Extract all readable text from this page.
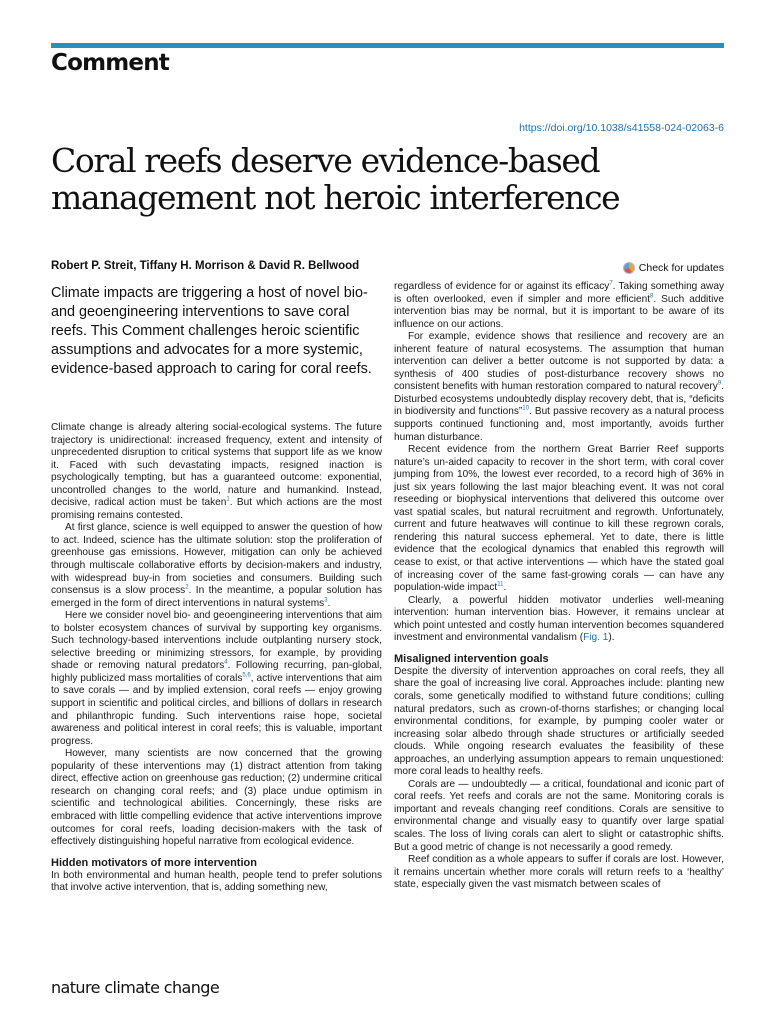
Comment
https://doi.org/10.1038/s41558-024-02063-6
Coral reefs deserve evidence-based management not heroic interference
Robert P. Streit, Tiffany H. Morrison & David R. Bellwood	Check for updates
Climate impacts are triggering a host of novel bio- and geoengineering interventions to save coral reefs. This Comment challenges heroic scientific assumptions and advocates for a more systemic, evidence-based approach to caring for coral reefs.

Climate change is already altering social-ecological systems. The future trajectory is unidirectional: increased frequency, extent and intensity of unprecedented disruption to critical systems that support life as we know it. Faced with such devastating impacts, resigned inaction is psychologically tempting, but has a guaranteed outcome: exponential, uncontrolled changes to the world, nature and humankind. Instead, decisive, radical action must be taken$^1$. But which actions are the most promising remains contested.

At first glance, science is well equipped to answer the question of how to act. Indeed, science has the ultimate solution: stop the proliferation of greenhouse gas emissions. However, mitigation can only be achieved through multiscale collaborative efforts by decision-makers and industry, with widespread buy-in from societies and consumers. Building such consensus is a slow process$^2$. In the meantime, a popular solution has emerged in the form of direct interventions in natural systems$^3$.

Here we consider novel bio- and geoengineering interventions that aim to bolster ecosystem chances of survival by supporting key organisms. Such technology-based interventions include outplanting nursery stock, selective breeding or minimizing stressors, for example, by providing shade or removing natural predators$^4$. Following recurring, pan-global, highly publicized mass mortalities of corals$^{5,6}$, active interventions that aim to save corals — and by implied extension, coral reefs — enjoy growing support in scientific and political circles, and billions of dollars in research and philanthropic funding. Such interventions raise hope, societal awareness and political interest in coral reefs; this is valuable, important progress.

However, many scientists are now concerned that the growing popularity of these interventions may (1) distract attention from taking direct, effective action on greenhouse gas reduction; (2) undermine critical research on changing coral reefs; and (3) place undue optimism in scientific and technological abilities. Concerningly, these risks are embraced with little compelling evidence that active interventions improve outcomes for coral reefs, loading decision-makers with the task of effectively distinguishing hopeful narrative from ecological evidence.

Hidden motivators of more intervention

In both environmental and human health, people tend to prefer solutions that involve active intervention, that is, adding something new,

regardless of evidence for or against its efficacy$^7$. Taking something away is often overlooked, even if simpler and more efficient$^8$. Such additive intervention bias may be normal, but it is important to be aware of its influence on our actions.

For example, evidence shows that resilience and recovery are an inherent feature of natural ecosystems. The assumption that human intervention can deliver a better outcome is not supported by data: a synthesis of 400 studies of post-disturbance recovery shows no consistent benefits with human restoration compared to natural recovery$^9$. Disturbed ecosystems undoubtedly display recovery debt, that is, “deficits in biodiversity and functions”$^{10}$. But passive recovery as a natural process supports continued functioning and, most importantly, avoids further human disturbance.

Recent evidence from the northern Great Barrier Reef supports nature’s un-aided capacity to recover in the short term, with coral cover jumping from 10%, the lowest ever recorded, to a record high of 36% in just six years following the last major bleaching event. It was not coral reseeding or biophysical interventions that delivered this outcome over vast spatial scales, but natural recruitment and regrowth. Unfortunately, current and future heatwaves will continue to kill these regrown corals, rendering this natural success ephemeral. Yet to date, there is little evidence that the ecological dynamics that enabled this regrowth will cease to exist, or that active interventions — which have the stated goal of increasing cover of the same fast-growing corals — can have any population-wide impact$^{11}$.

Clearly, a powerful hidden motivator underlies well-meaning intervention: human intervention bias. However, it remains unclear at which point untested and costly human intervention becomes squandered investment and environmental vandalism (Fig. 1).

Misaligned intervention goals

Despite the diversity of intervention approaches on coral reefs, they all share the goal of increasing live coral. Approaches include: planting new corals, some genetically modified to withstand future conditions; culling natural predators, such as crown-of-thorns starfishes; or changing local environmental conditions, for example, by pumping cooler water or increasing solar albedo through shade structures or artificially seeded clouds. While ongoing research evaluates the feasibility of these approaches, an underlying assumption appears to remain unquestioned: more coral leads to healthy reefs.

Corals are — undoubtedly — a critical, foundational and iconic part of coral reefs. Yet reefs and corals are not the same. Monitoring corals is important and reveals changing reef conditions. Corals are sensitive to environmental change and visually easy to quantify over large spatial scales. The loss of living corals can alert to slight or catastrophic shifts. But a good metric of change is not necessarily a good remedy.

Reef condition as a whole appears to suffer if corals are lost. However, it remains uncertain whether more corals will return reefs to a ‘healthy’ state, especially given the vast mismatch between scales of

nature climate change
